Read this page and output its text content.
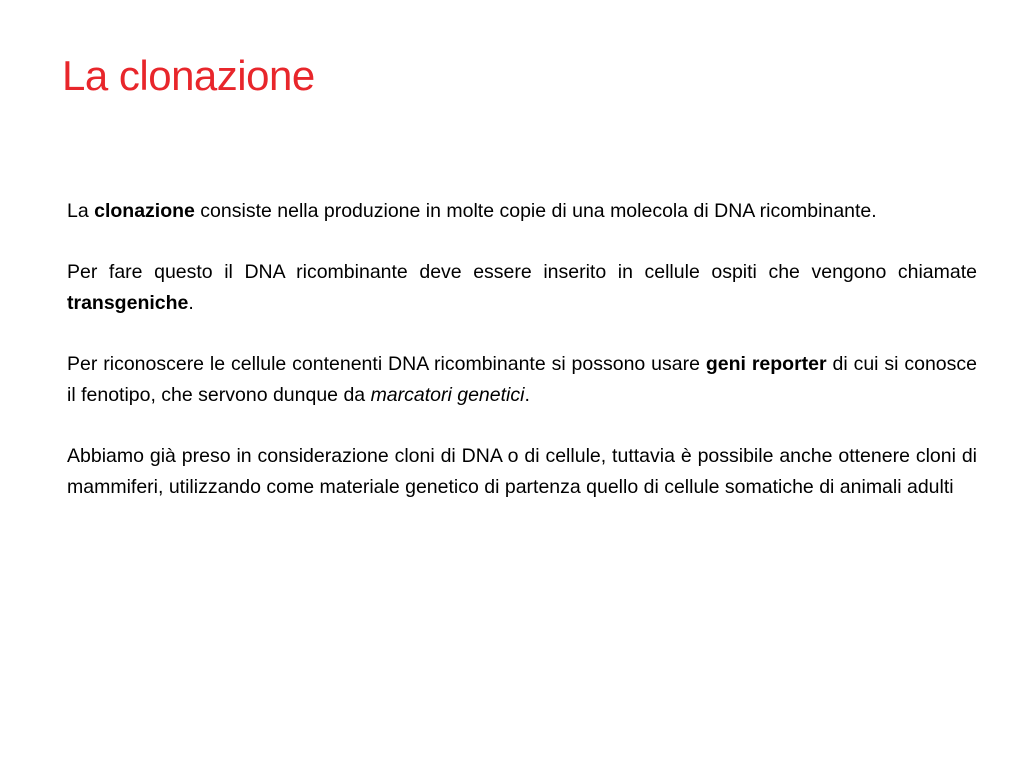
La clonazione

La clonazione consiste nella produzione in molte copie di una molecola di DNA ricombinante.

Per fare questo il DNA ricombinante deve essere inserito in cellule ospiti che vengono chiamate transgeniche.

Per riconoscere le cellule contenenti DNA ricombinante si possono usare geni reporter di cui si conosce il fenotipo, che servono dunque da marcatori genetici.

Abbiamo già preso in considerazione cloni di DNA o di cellule, tuttavia è possibile anche ottenere cloni di mammiferi, utilizzando come materiale genetico di partenza quello di cellule somatiche di animali adulti
